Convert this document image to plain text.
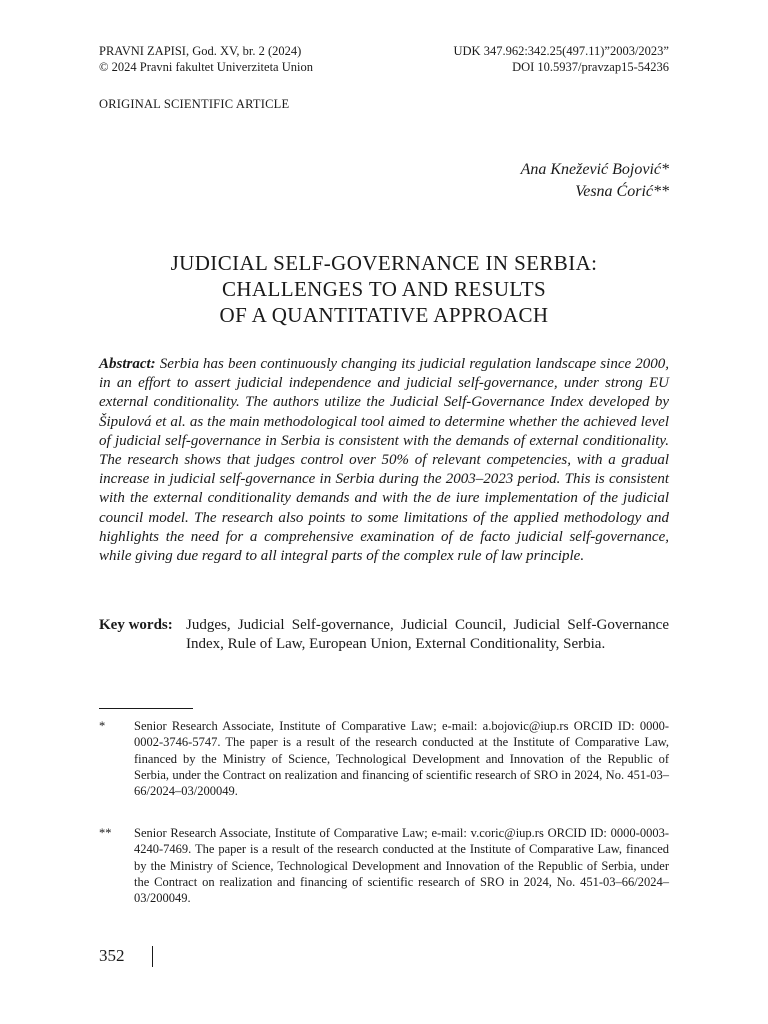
PRAVNI ZAPISI, God. XV, br. 2 (2024)	UDK 347.962:342.25(497.11)”2003/2023”
© 2024 Pravni fakultet Univerziteta Union	DOI 10.5937/pravzap15-54236
ORIGINAL SCIENTIFIC ARTICLE
Ana Knežević Bojović*
Vesna Ćorić**
JUDICIAL SELF-GOVERNANCE IN SERBIA:
CHALLENGES TO AND RESULTS
OF A QUANTITATIVE APPROACH
Abstract: Serbia has been continuously changing its judicial regulation landscape since 2000, in an effort to assert judicial independence and judicial self-governance, under strong EU external conditionality. The authors utilize the Judicial Self-Governance Index developed by Šipulová et al. as the main methodological tool aimed to determine whether the achieved level of judicial self-governance in Serbia is consistent with the demands of external conditionality. The research shows that judges control over 50% of relevant competencies, with a gradual increase in judicial self-governance in Serbia during the 2003–2023 period. This is consistent with the external conditionality demands and with the de iure implementation of the judicial council model. The research also points to some limitations of the applied methodology and highlights the need for a comprehensive examination of de facto judicial self-governance, while giving due regard to all integral parts of the complex rule of law principle.
Key words: Judges, Judicial Self-governance, Judicial Council, Judicial Self-Governance Index, Rule of Law, European Union, External Conditionality, Serbia.
*	Senior Research Associate, Institute of Comparative Law; e-mail: a.bojovic@iup.rs ORCID ID: 0000-0002-3746-5747. The paper is a result of the research conducted at the Institute of Comparative Law, financed by the Ministry of Science, Technological Development and Innovation of the Republic of Serbia, under the Contract on realization and financing of scientific research of SRO in 2024, No. 451-03–66/2024–03/200049.
**	Senior Research Associate, Institute of Comparative Law; e-mail: v.coric@iup.rs ORCID ID: 0000-0003-4240-7469. The paper is a result of the research conducted at the Institute of Comparative Law, financed by the Ministry of Science, Technological Development and Innovation of the Republic of Serbia, under the Contract on realization and financing of scientific research of SRO in 2024, No. 451-03–66/2024–03/200049.
352
